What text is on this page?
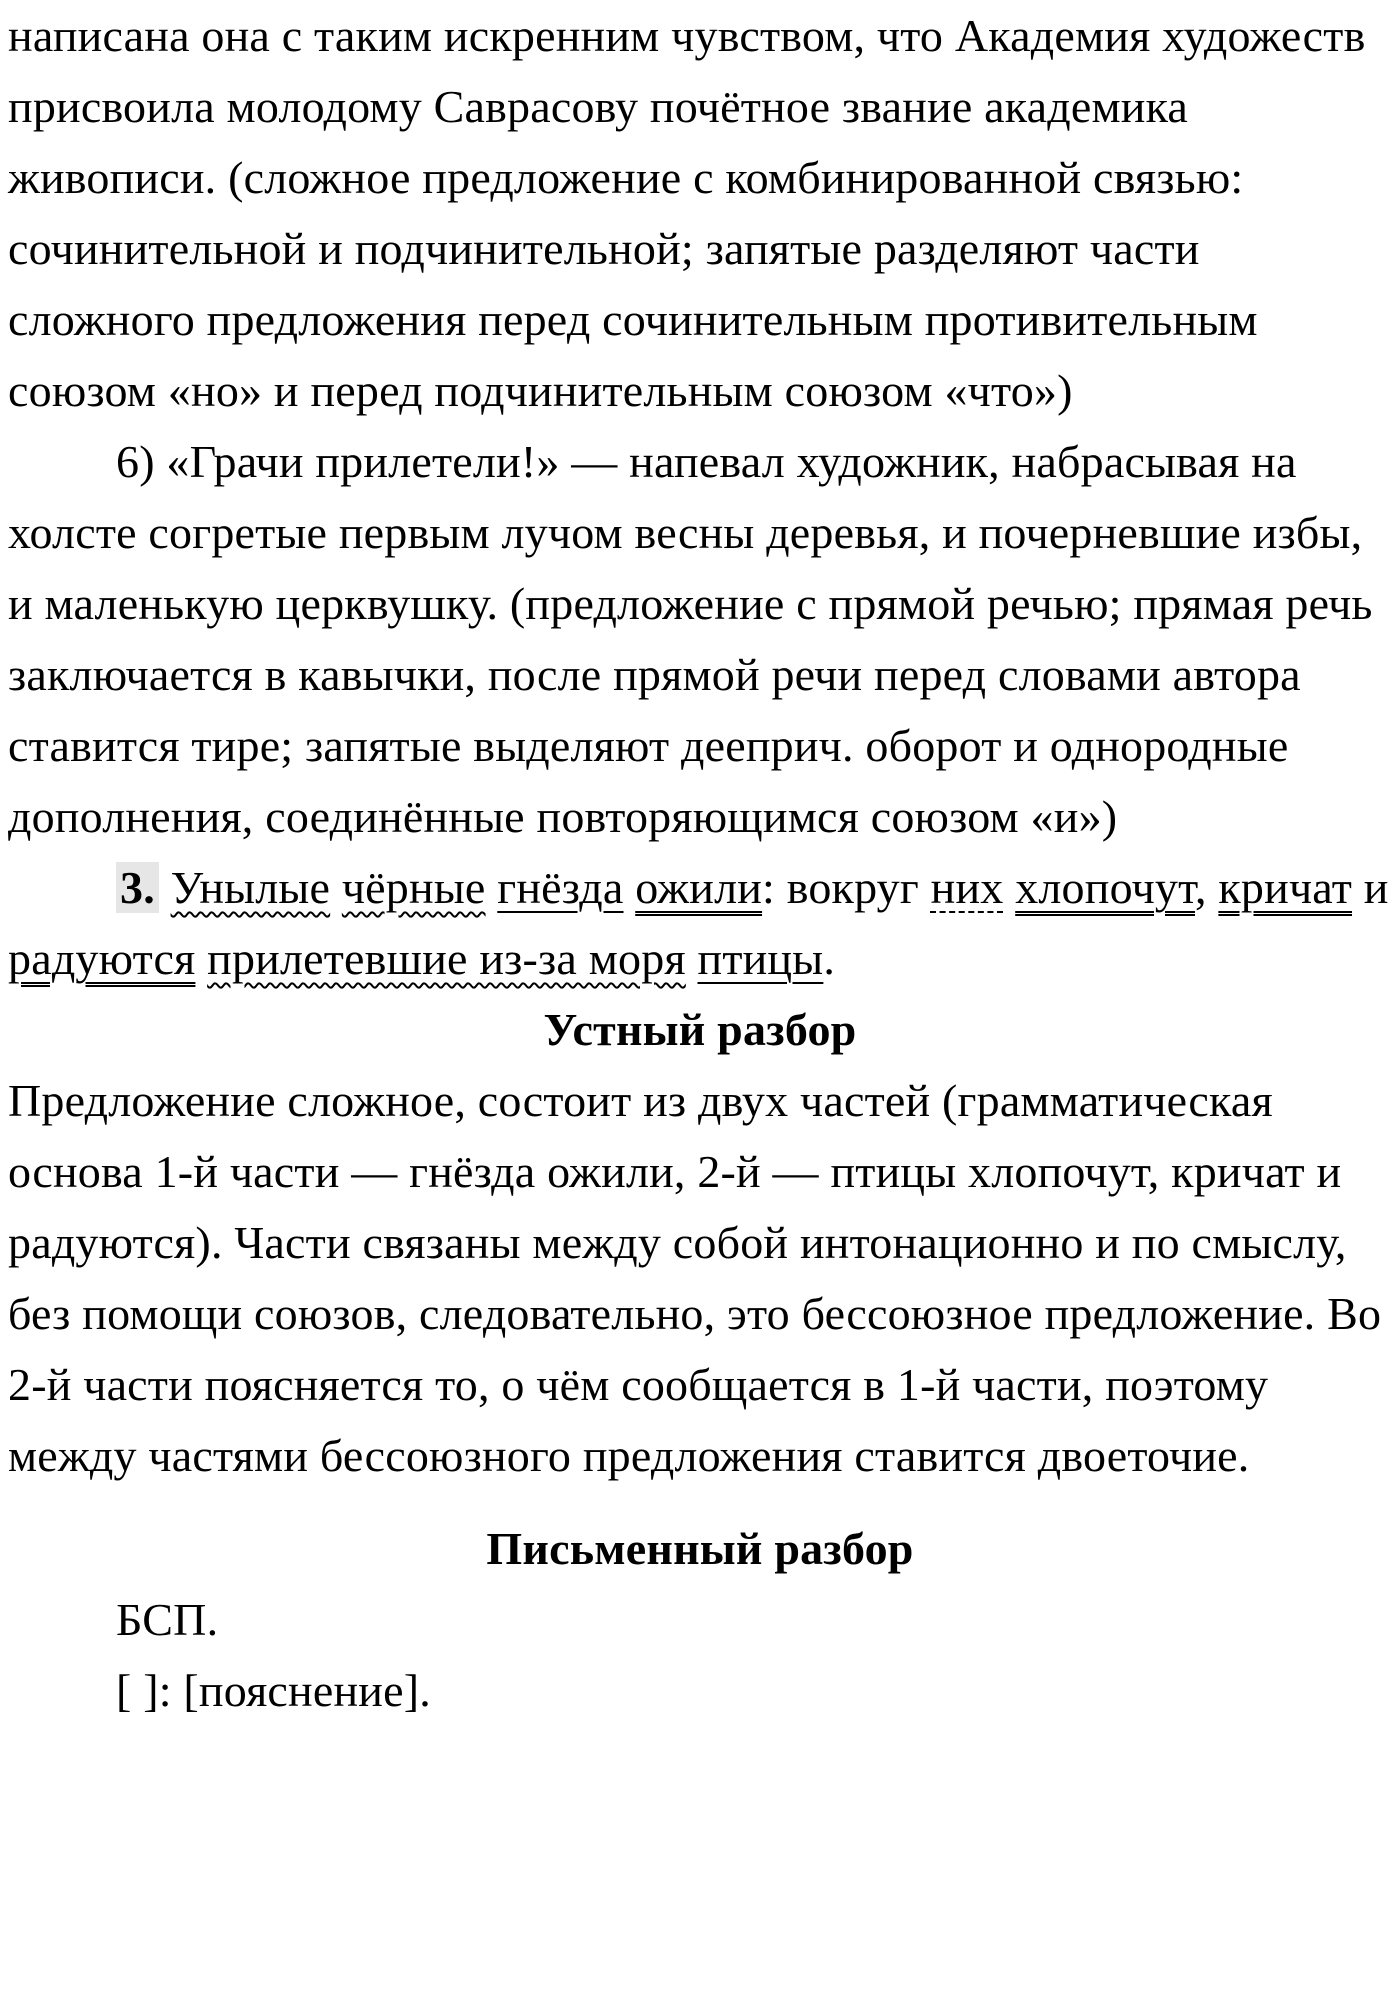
написана она с таким искренним чувством, что Академия художеств присвоила молодому Саврасову почётное звание академика живописи. (сложное предложение с комбинированной связью: сочинительной и подчинительной; запятые разделяют части сложного предложения перед сочинительным противительным союзом «но» и перед подчинительным союзом «что»)

6) «Грачи прилетели!» — напевал художник, набрасывая на холсте согретые первым лучом весны деревья, и почерневшие избы, и маленькую церквушку. (предложение с прямой речью; прямая речь заключается в кавычки, после прямой речи перед словами автора ставится тире; запятые выделяют дееприч. оборот и однородные дополнения, соединённые повторяющимся союзом «и»)

3. Унылые чёрные гнёзда ожили: вокруг них хлопочут, кричат и радуются прилетевшие из-за моря птицы.

Устный разбор

Предложение сложное, состоит из двух частей (грамматическая основа 1-й части — гнёзда ожили, 2-й — птицы хлопочут, кричат и радуются). Части связаны между собой интонационно и по смыслу, без помощи союзов, следовательно, это бессоюзное предложение. Во 2-й части поясняется то, о чём сообщается в 1-й части, поэтому между частями бессоюзного предложения ставится двоеточие.

Письменный разбор

БСП.

[ ]: [пояснение].
